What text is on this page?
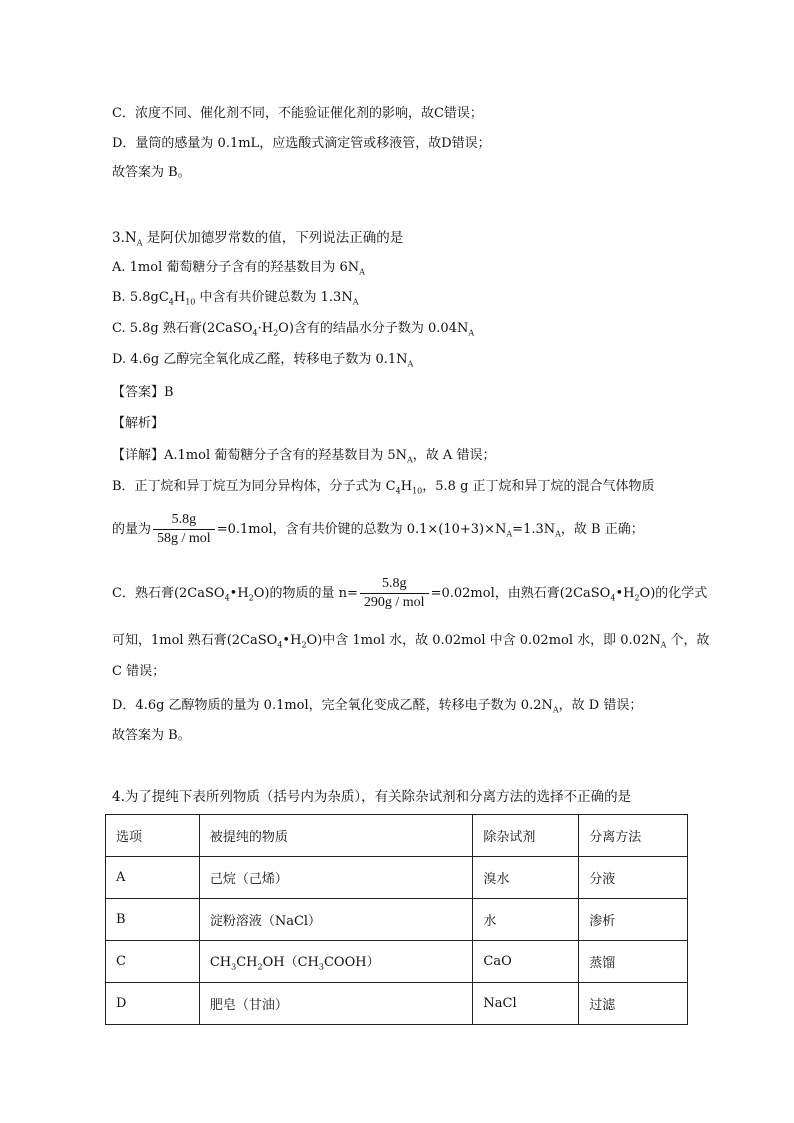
C．浓度不同、催化剂不同，不能验证催化剂的影响，故C错误；
D．量筒的感量为 0.1mL，应选酸式滴定管或移液管，故D错误；
故答案为 B。
$3.N_A$ 是阿伏加德罗常数的值，下列说法正确的是
A. 1mol 葡萄糖分子含有的羟基数目为 $6N_A$
B. $5.8gC_4H_{10}$ 中含有共价键总数为 $1.3N_A$
C. 5.8g 熟石膏$(2CaSO_4\cdot H_2O)$含有的结晶水分子数为 $0.04N_A$
D. 4.6g 乙醇完全氧化成乙醛，转移电子数为 $0.1N_A$
【答案】B
【解析】
【详解】A.1mol 葡萄糖分子含有的羟基数目为 $5N_A$，故 A 错误；
B．正丁烷和异丁烷互为同分异构体，分子式为 $C_4H_{10}$，5.8 g 正丁烷和异丁烷的混合气体物质
的量为 $\frac{5.8g}{\text{58g / mol}} =0.1mol$，含有共价键的总数为 $0.1\times(10+3)\times N_A=1.3N_A$，故 B 正确；
C．熟石膏$(2CaSO_4•H_2O)$的物质的量 $n= \frac{5.8g}{\text{290g / mol}} =0.02mol$，由熟石膏$(2CaSO_4•H_2O)$的化学式
可知，1mol 熟石膏$(2CaSO_4•H_2O)$中含 1mol 水，故 0.02mol 中含 0.02mol 水，即 $0.02N_A$ 个，故
C 错误；
D．4.6g 乙醇物质的量为 0.1mol，完全氧化变成乙醛，转移电子数为 $0.2N_A$，故 D 错误；
故答案为 B。
4.为了提纯下表所列物质（括号内为杂质），有关除杂试剂和分离方法的选择不正确的是
选项	被提纯的物质	除杂试剂	分离方法
A	己烷（己烯）	溴水	分液
B	淀粉溶液（NaCl）	水	渗析
C	$CH_3CH_2OH(CH_3COOH)$	CaO	蒸馏
D	肥皂（甘油）	NaCl	过滤
